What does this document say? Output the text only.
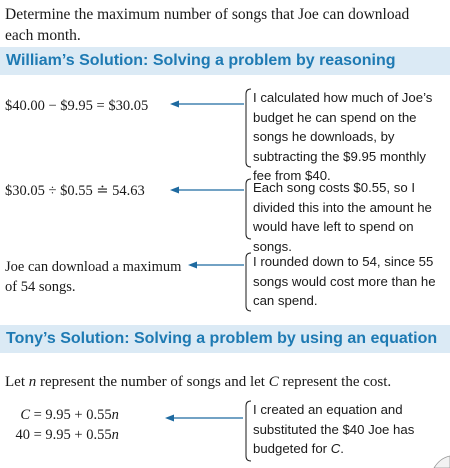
Determine the maximum number of songs that Joe can download each month.
William’s Solution: Solving a problem by reasoning
$40.00 − $9.95 = $30.05
I calculated how much of Joe’s budget he can spend on the songs he downloads, by subtracting the $9.95 monthly fee from $40.
$30.05 ÷ $0.55 ≐ 54.63	Each song costs $0.55, so I divided this into the amount he would have left to spend on songs.
Joe can download a maximum of 54 songs.
I rounded down to 54, since 55 songs would cost more than he can spend.
Tony’s Solution: Solving a problem by using an equation
Let n represent the number of songs and let C represent the cost.
C = 9.95 + 0.55n
40 = 9.95 + 0.55n
I created an equation and substituted the $40 Joe has budgeted for C.
